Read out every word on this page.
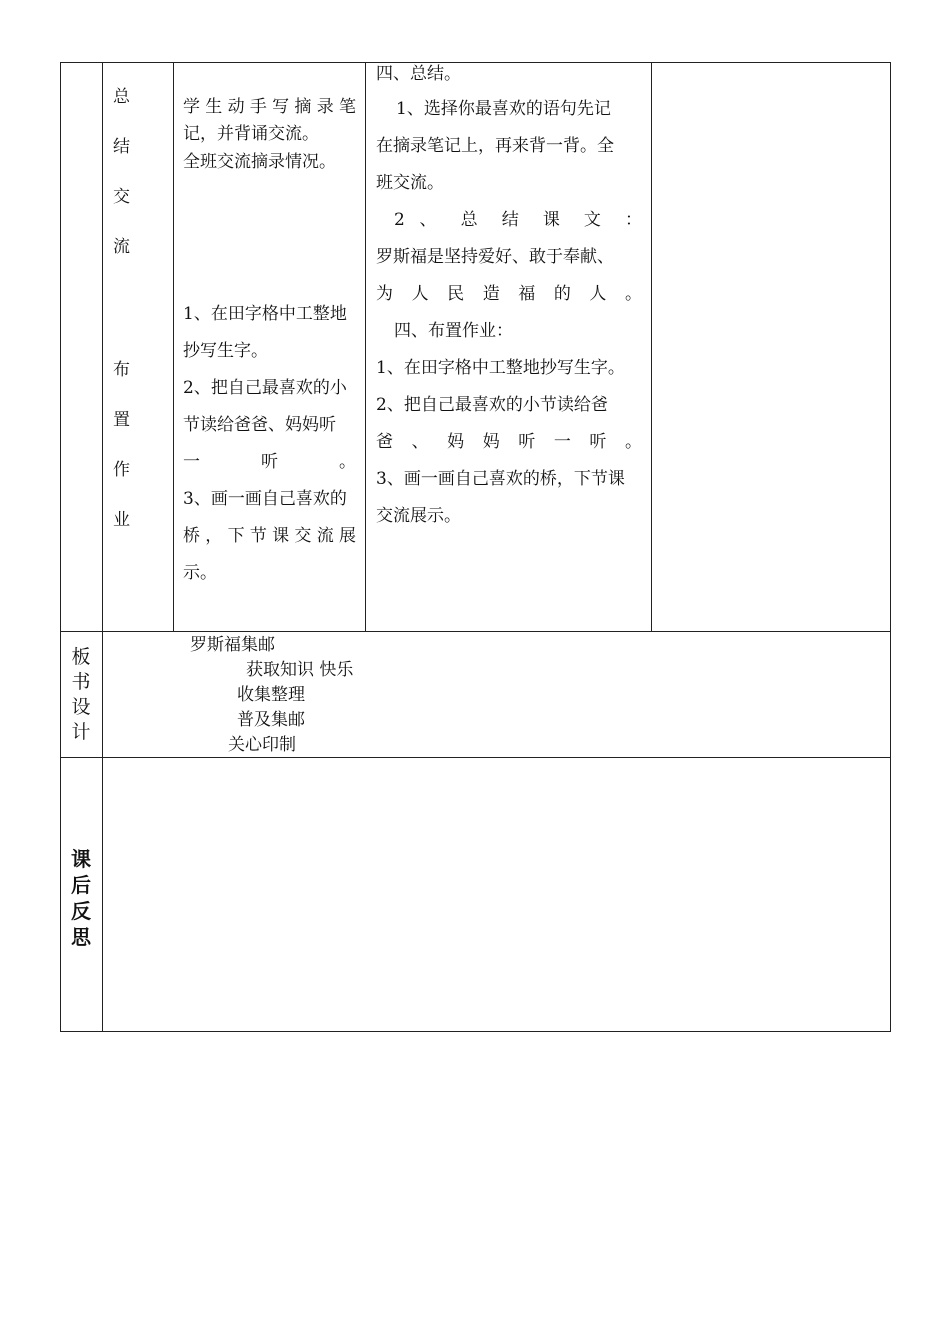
总
结
交
流
布
置
作
业
学生动手写摘录笔
记，并背诵交流。
全班交流摘录情况。
1、在田字格中工整地
抄写生字。
2、把自己最喜欢的小
节读给爸爸、妈妈听
一 听 。
3、画一画自己喜欢的
桥，下节课交流展
示。
四、总结。
1、选择你最喜欢的语句先记
在摘录笔记上，再来背一背。全
班交流。
2 、 总 结 课 文 ：
罗斯福是坚持爱好、敢于奉献、
为 人 民 造 福 的 人 。
四、布置作业：
1、在田字格中工整地抄写生字。
2、把自己最喜欢的小节读给爸
爸 、 妈 妈 听 一 听 。
3、画一画自己喜欢的桥，下节课
交流展示。
板
书
设
计
罗斯福集邮
获取知识 快乐
收集整理
普及集邮
关心印制
课
后
反
思
